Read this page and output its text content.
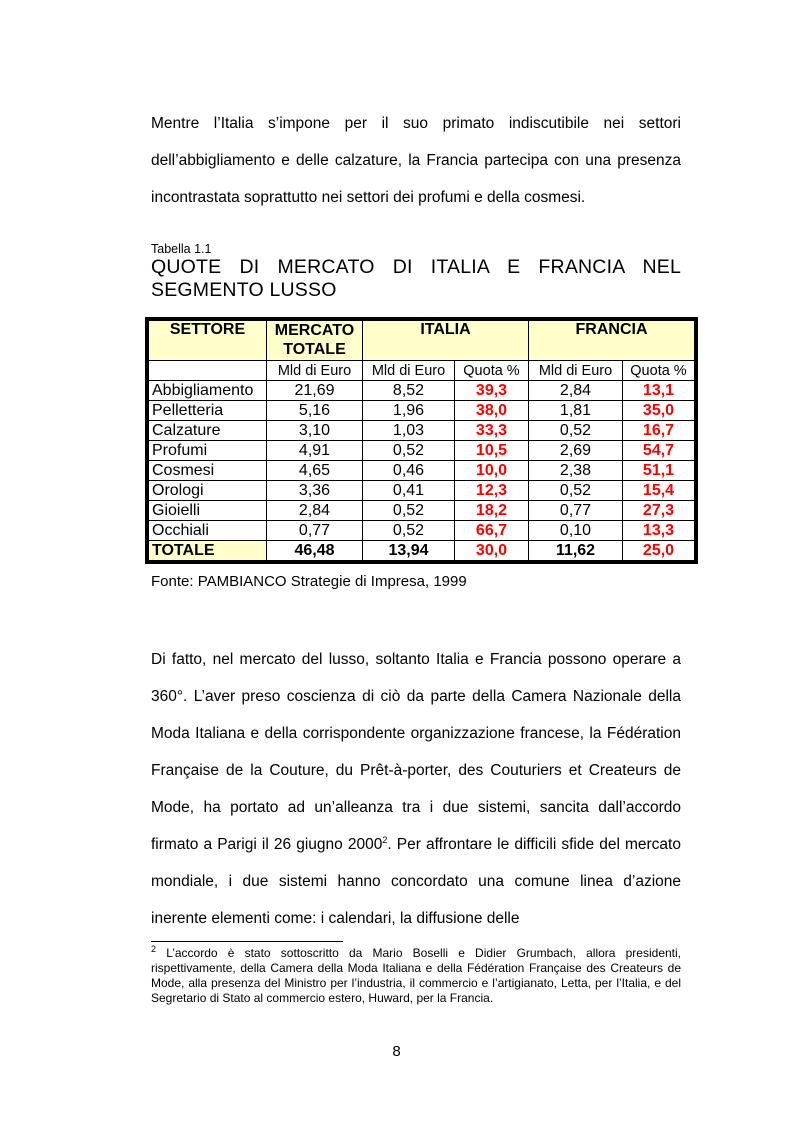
Mentre l’Italia s’impone per il suo primato indiscutibile nei settori dell’abbigliamento e delle calzature, la Francia partecipa con una presenza incontrastata soprattutto nei settori dei profumi e della cosmesi.

Tabella 1.1
QUOTE DI MERCATO DI ITALIA E FRANCIA NEL SEGMENTO LUSSO
SETTORE	MERCATO TOTALE	ITALIA		FRANCIA	
	Mld di Euro	Mld di Euro	Quota %	Mld di Euro	Quota %
Abbigliamento	21,69	8,52	39,3	2,84	13,1
Pelletteria	5,16	1,96	38,0	1,81	35,0
Calzature	3,10	1,03	33,3	0,52	16,7
Profumi	4,91	0,52	10,5	2,69	54,7
Cosmesi	4,65	0,46	10,0	2,38	51,1
Orologi	3,36	0,41	12,3	0,52	15,4
Gioielli	2,84	0,52	18,2	0,77	27,3
Occhiali	0,77	0,52	66,7	0,10	13,3
TOTALE	46,48	13,94	30,0	11,62	25,0
Fonte: PAMBIANCO Strategie di Impresa, 1999

Di fatto, nel mercato del lusso, soltanto Italia e Francia possono operare a 360°. L’aver preso coscienza di ciò da parte della Camera Nazionale della Moda Italiana e della corrispondente organizzazione francese, la Fédération Française de la Couture, du Prêt-à-porter, des Couturiers et Createurs de Mode, ha portato ad un’alleanza tra i due sistemi, sancita dall’accordo firmato a Parigi il 26 giugno 2000$^2$. Per affrontare le difficili sfide del mercato mondiale, i due sistemi hanno concordato una comune linea d’azione inerente elementi come: i calendari, la diffusione delle

$^2$ L’accordo è stato sottoscritto da Mario Boselli e Didier Grumbach, allora presidenti, rispettivamente, della Camera della Moda Italiana e della Fédération Française des Createurs de Mode, alla presenza del Ministro per l’industria, il commercio e l’artigianato, Letta, per l’Italia, e del Segretario di Stato al commercio estero, Huward, per la Francia.

8
